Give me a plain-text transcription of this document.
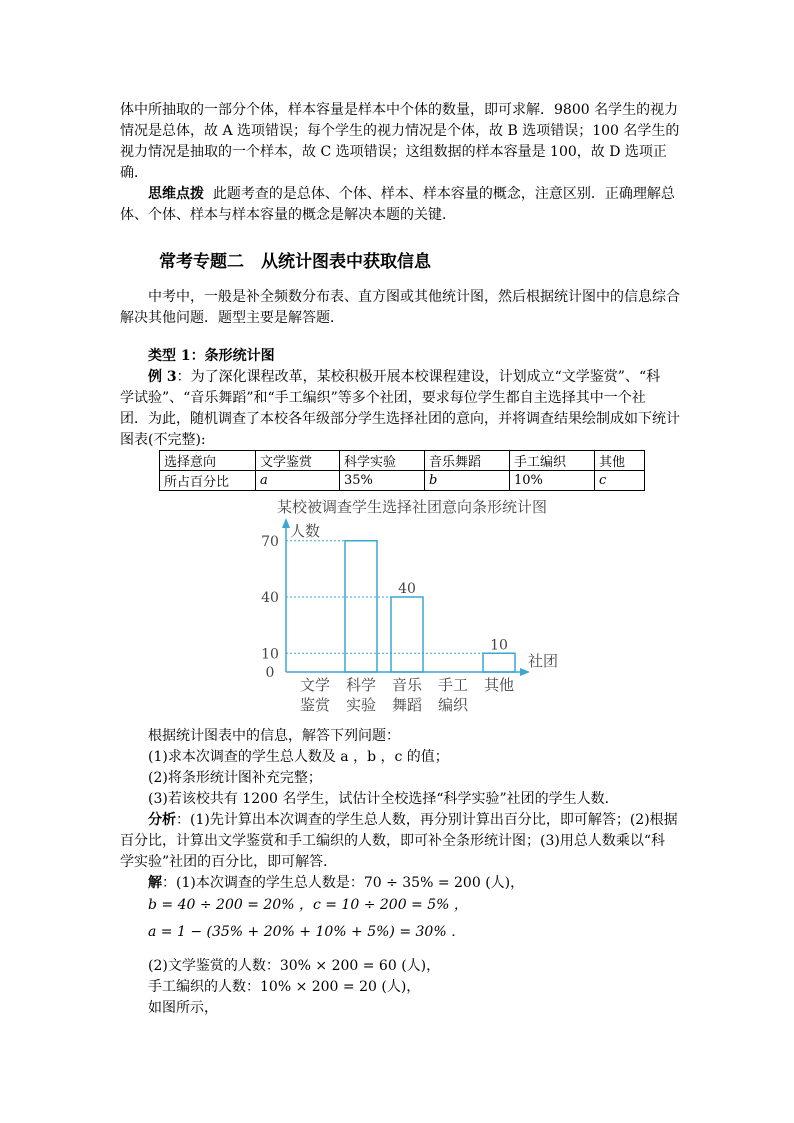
体中所抽取的一部分个体，样本容量是样本中个体的数量，即可求解．9800 名学生的视力
情况是总体，故 A 选项错误；每个学生的视力情况是个体，故 B 选项错误；100 名学生的
视力情况是抽取的一个样本，故 C 选项错误；这组数据的样本容量是 100，故 D 选项正
确．
思维点拨 此题考查的是总体、个体、样本、样本容量的概念，注意区别．正确理解总
体、个体、样本与样本容量的概念是解决本题的关键．
常考专题二　从统计图表中获取信息
中考中，一般是补全频数分布表、直方图或其他统计图，然后根据统计图中的信息综合
解决其他问题．题型主要是解答题．
类型 1：条形统计图
例 3：为了深化课程改革，某校积极开展本校课程建设，计划成立“文学鉴赏”、“科
学试验”、“音乐舞蹈”和“手工编织”等多个社团，要求每位学生都自主选择其中一个社
团．为此，随机调查了本校各年级部分学生选择社团的意向，并将调查结果绘制成如下统计
图表(不完整):
选择意向	文学鉴赏	科学实验	音乐舞蹈	手工编织	其他
所占百分比	a	35%	b	10%	c
某校被调查学生选择社团意向条形统计图
人数
社团
0
10
40
70
文学
鉴赏
科学
实验
音乐
舞蹈
手工
编织
其他
40
10
根据统计图表中的信息，解答下列问题：
(1)求本次调查的学生总人数及 a ，b ，c 的值；
(2)将条形统计图补充完整；
(3)若该校共有 1200 名学生，试估计全校选择“科学实验”社团的学生人数．
分析：(1)先计算出本次调查的学生总人数，再分别计算出百分比，即可解答；(2)根据
百分比，计算出文学鉴赏和手工编织的人数，即可补全条形统计图；(3)用总人数乘以“科
学实验”社团的百分比，即可解答．
解：(1)本次调查的学生总人数是：70 ÷ 35% = 200 (人)，
b = 40 ÷ 200 = 20% ，c = 10 ÷ 200 = 5% ，
a = 1 − (35% + 20% + 10% + 5%) = 30% ．
(2)文学鉴赏的人数：30% × 200 = 60 (人)，
手工编织的人数：10% × 200 = 20 (人)，
如图所示，
